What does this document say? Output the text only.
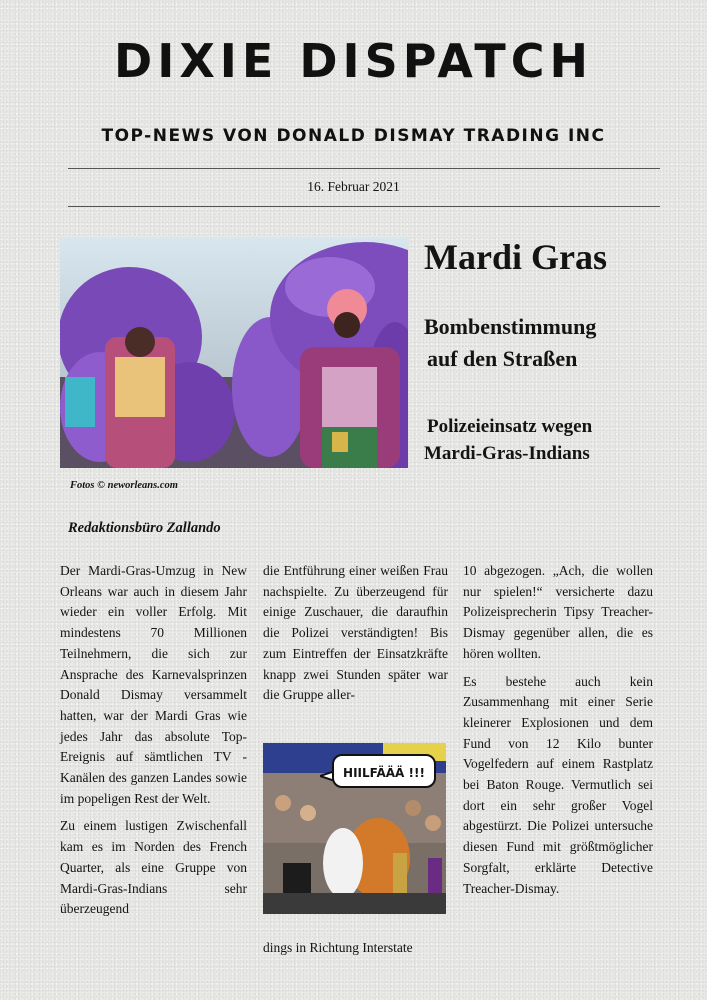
DIXIE DISPATCH
TOP-NEWS VON DONALD DISMAY TRADING INC
16. Februar 2021
Fotos © neworleans.com
Mardi Gras
Bombenstimmung
auf den Straßen
Polizeieinsatz wegen
Mardi-Gras-Indians
Redaktionsbüro Zallando

Der Mardi-Gras-Umzug in New Orleans war auch in diesem Jahr wieder ein voller Erfolg. Mit mindestens 70 Millionen Teilnehmern, die sich zur Ansprache des Karnevalsprinzen Donald Dismay versammelt hatten, war der Mardi Gras wie jedes Jahr das absolute Top-Ereignis auf sämtlichen TV -Kanälen des ganzen Landes sowie im popeligen Rest der Welt.

Zu einem lustigen Zwischenfall kam es im Norden des French Quarter, als eine Gruppe von Mardi-Gras-Indians sehr überzeugend

die Entführung einer weißen Frau nachspielte. Zu überzeugend für einige Zuschauer, die daraufhin die Polizei verständigten! Bis zum Eintreffen der Einsatzkräfte knapp zwei Stunden später war die Gruppe aller-

HIILFÄÄÄ !!!
dings in Richtung Interstate

10 abgezogen. „Ach, die wollen nur spielen!“ versicherte dazu Polizeisprecherin Tipsy Treacher-Dismay gegenüber allen, die es hören wollten.

Es bestehe auch kein Zusammenhang mit einer Serie kleinerer Explosionen und dem Fund von 12 Kilo bunter Vogelfedern auf einem Rastplatz bei Baton Rouge. Vermutlich sei dort ein sehr großer Vogel abgestürzt. Die Polizei untersuche diesen Fund mit größtmöglicher Sorgfalt, erklärte Detective Treacher-Dismay.
